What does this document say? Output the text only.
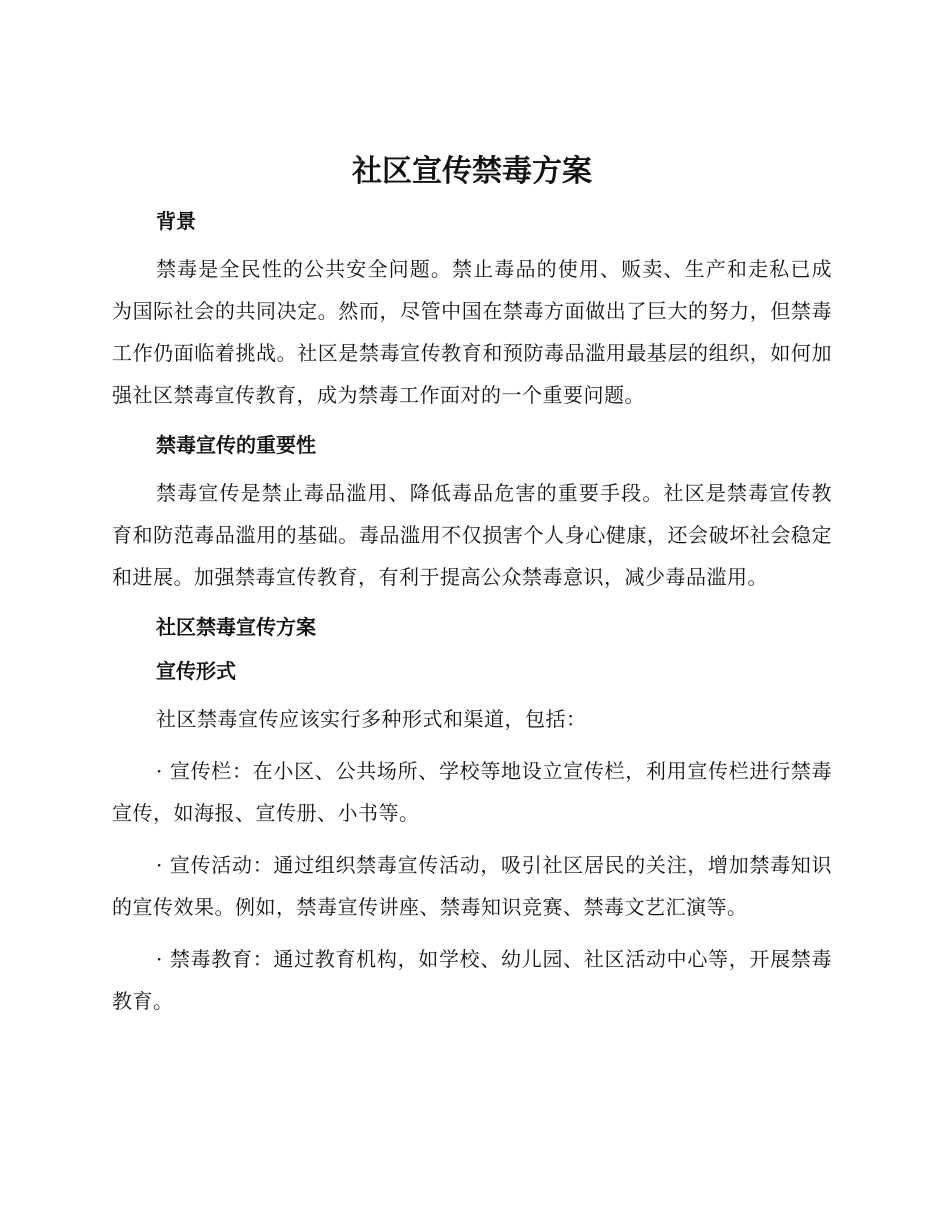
社区宣传禁毒方案
背景

禁毒是全民性的公共安全问题。禁止毒品的使用、贩卖、生产和走私已成为国际社会的共同决定。然而，尽管中国在禁毒方面做出了巨大的努力，但禁毒工作仍面临着挑战。社区是禁毒宣传教育和预防毒品滥用最基层的组织，如何加强社区禁毒宣传教育，成为禁毒工作面对的一个重要问题。

禁毒宣传的重要性

禁毒宣传是禁止毒品滥用、降低毒品危害的重要手段。社区是禁毒宣传教育和防范毒品滥用的基础。毒品滥用不仅损害个人身心健康，还会破坏社会稳定和进展。加强禁毒宣传教育，有利于提高公众禁毒意识，减少毒品滥用。

社区禁毒宣传方案
宣传形式

社区禁毒宣传应该实行多种形式和渠道，包括：

· 宣传栏：在小区、公共场所、学校等地设立宣传栏，利用宣传栏进行禁毒宣传，如海报、宣传册、小书等。

· 宣传活动：通过组织禁毒宣传活动，吸引社区居民的关注，增加禁毒知识的宣传效果。例如，禁毒宣传讲座、禁毒知识竞赛、禁毒文艺汇演等。

· 禁毒教育：通过教育机构，如学校、幼儿园、社区活动中心等，开展禁毒教育。
